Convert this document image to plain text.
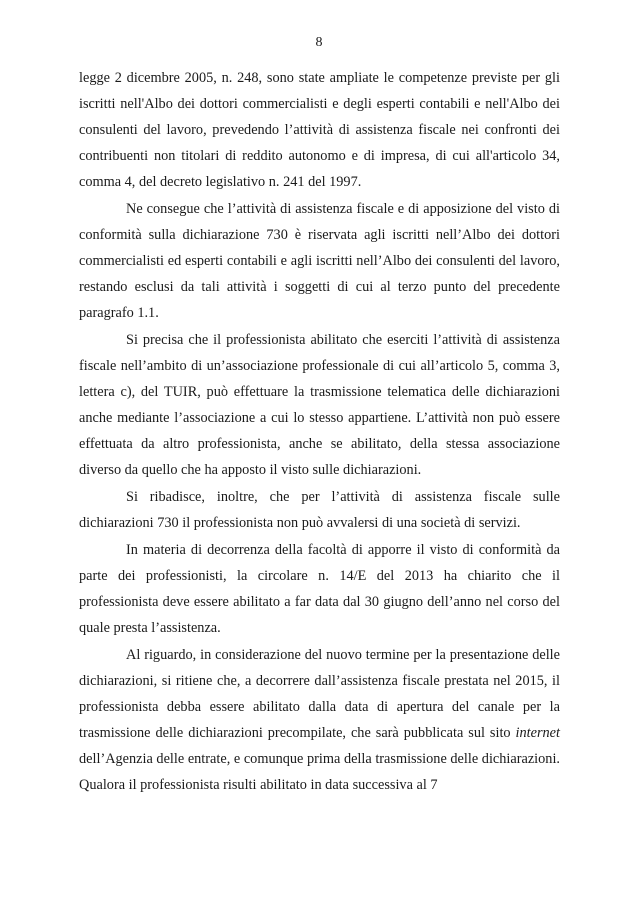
8

legge 2 dicembre 2005, n. 248, sono state ampliate le competenze previste per gli iscritti nell'Albo dei dottori commercialisti e degli esperti contabili e nell'Albo dei consulenti del lavoro, prevedendo l’attività di assistenza fiscale nei confronti dei contribuenti non titolari di reddito autonomo e di impresa, di cui all'articolo 34, comma 4, del decreto legislativo n. 241 del 1997.

Ne consegue che l’attività di assistenza fiscale e di apposizione del visto di conformità sulla dichiarazione 730 è riservata agli iscritti nell’Albo dei dottori commercialisti ed esperti contabili e agli iscritti nell’Albo dei consulenti del lavoro, restando esclusi da tali attività i soggetti di cui al terzo punto del precedente paragrafo 1.1.

Si precisa che il professionista abilitato che eserciti l’attività di assistenza fiscale nell’ambito di un’associazione professionale di cui all’articolo 5, comma 3, lettera c), del TUIR, può effettuare la trasmissione telematica delle dichiarazioni anche mediante l’associazione a cui lo stesso appartiene. L’attività non può essere effettuata da altro professionista, anche se abilitato, della stessa associazione diverso da quello che ha apposto il visto sulle dichiarazioni.

Si ribadisce, inoltre, che per l’attività di assistenza fiscale sulle dichiarazioni 730 il professionista non può avvalersi di una società di servizi.

In materia di decorrenza della facoltà di apporre il visto di conformità da parte dei professionisti, la circolare n. 14/E del 2013 ha chiarito che il professionista deve essere abilitato a far data dal 30 giugno dell’anno nel corso del quale presta l’assistenza.

Al riguardo, in considerazione del nuovo termine per la presentazione delle dichiarazioni, si ritiene che, a decorrere dall’assistenza fiscale prestata nel 2015, il professionista debba essere abilitato dalla data di apertura del canale per la trasmissione delle dichiarazioni precompilate, che sarà pubblicata sul sito internet dell’Agenzia delle entrate, e comunque prima della trasmissione delle dichiarazioni. Qualora il professionista risulti abilitato in data successiva al 7
